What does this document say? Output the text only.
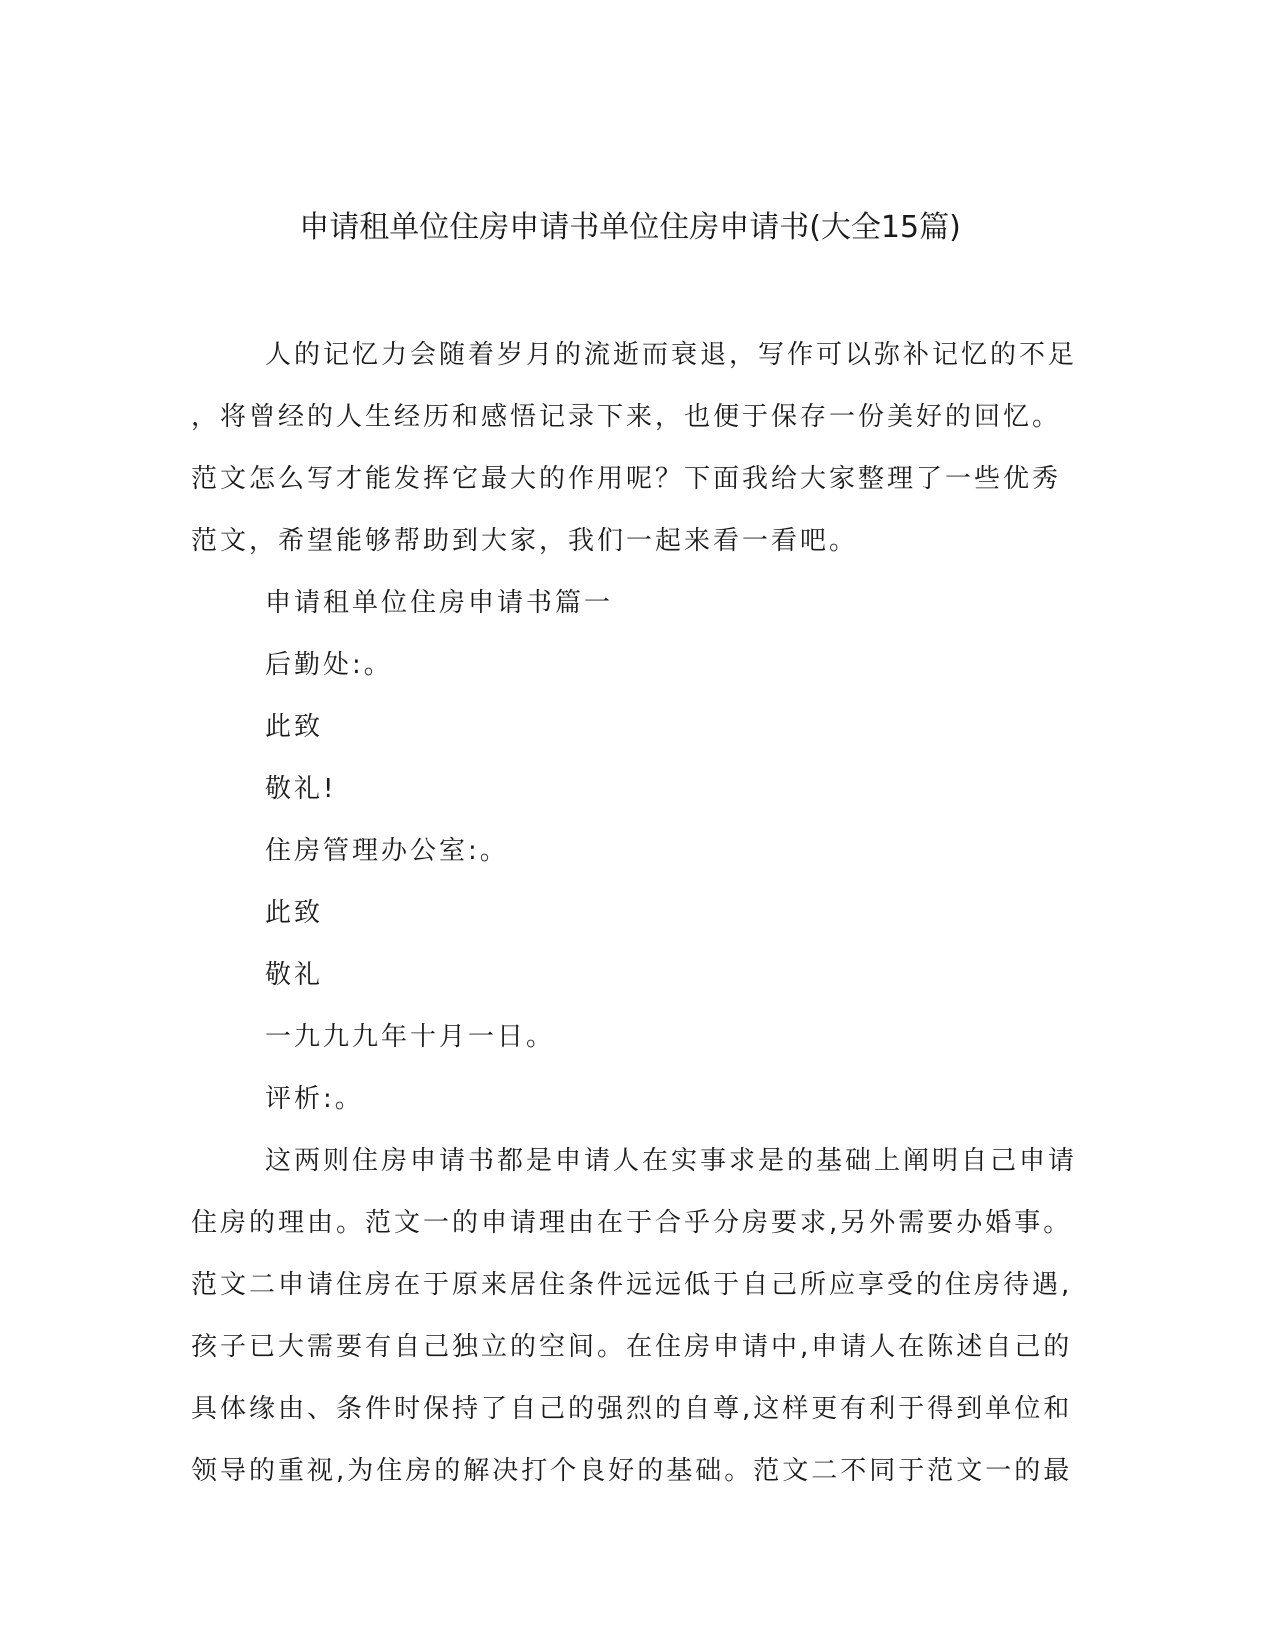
申请租单位住房申请书单位住房申请书(大全15篇)
人的记忆力会随着岁月的流逝而衰退，写作可以弥补记忆的不足
，将曾经的人生经历和感悟记录下来，也便于保存一份美好的回忆。
范文怎么写才能发挥它最大的作用呢？下面我给大家整理了一些优秀
范文，希望能够帮助到大家，我们一起来看一看吧。
申请租单位住房申请书篇一
后勤处:。
此致
敬礼!
住房管理办公室:。
此致
敬礼
一九九九年十月一日。
评析:。
这两则住房申请书都是申请人在实事求是的基础上阐明自己申请
住房的理由。范文一的申请理由在于合乎分房要求,另外需要办婚事。
范文二申请住房在于原来居住条件远远低于自己所应享受的住房待遇,
孩子已大需要有自己独立的空间。在住房申请中,申请人在陈述自己的
具体缘由、条件时保持了自己的强烈的自尊,这样更有利于得到单位和
领导的重视,为住房的解决打个良好的基础。范文二不同于范文一的最
